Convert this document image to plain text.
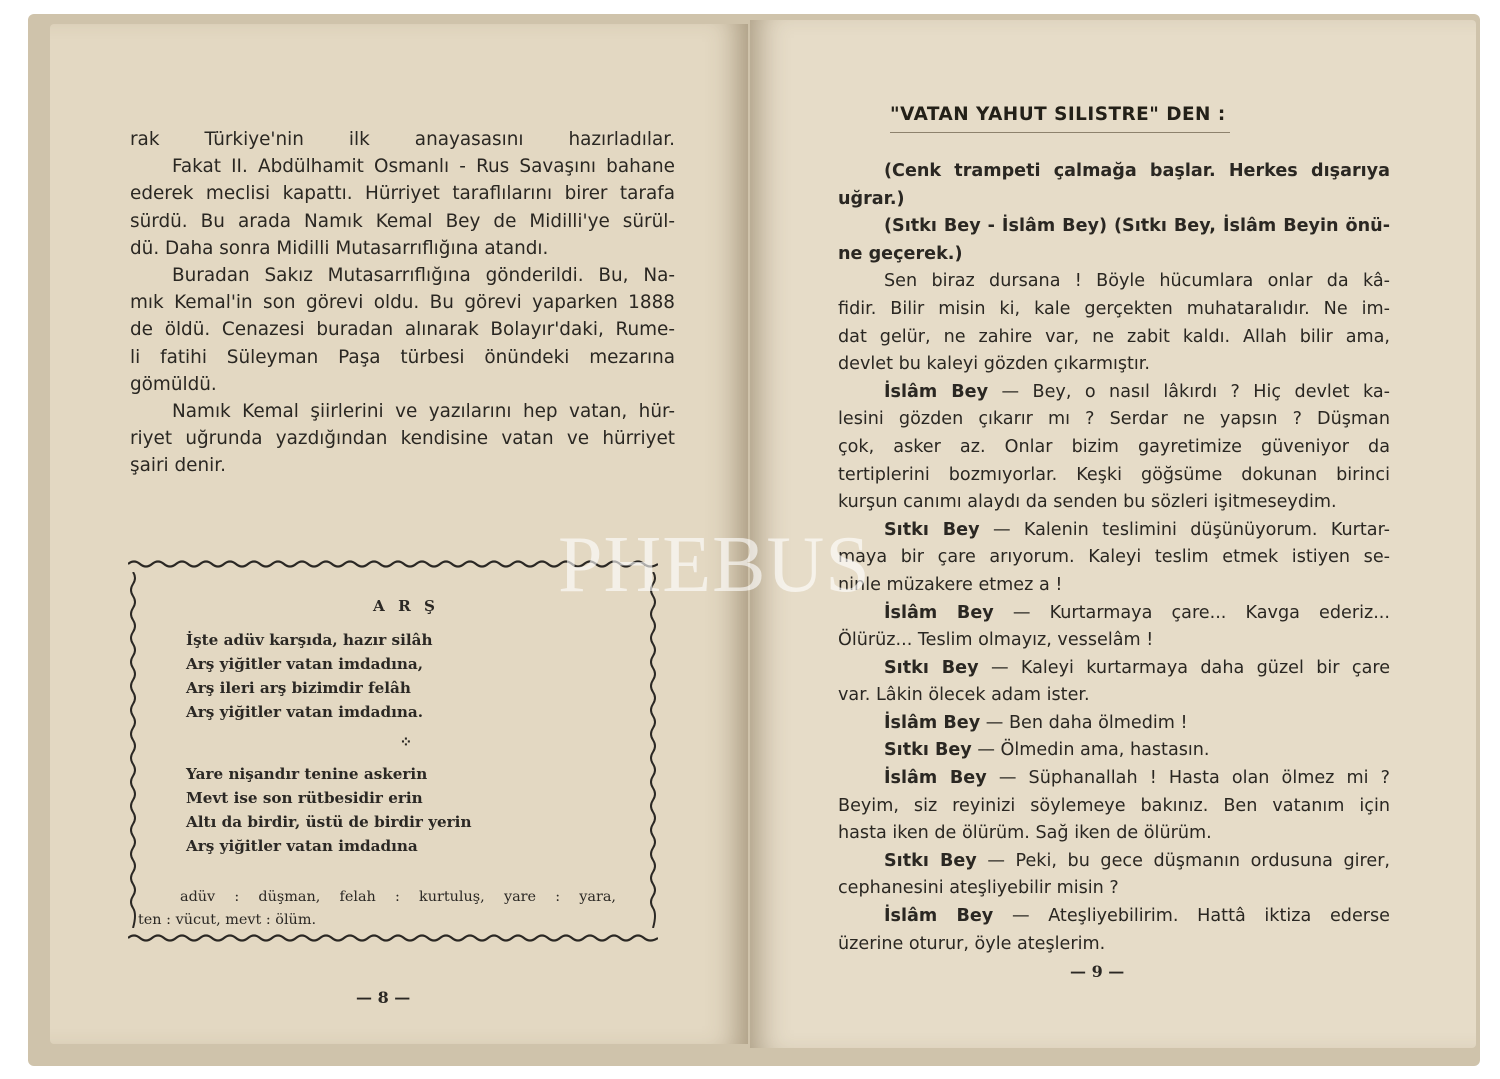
rak Türkiye'nin ilk anayasasını hazırladılar.

Fakat II. Abdülhamit Osmanlı - Rus Savaşını bahane

ederek meclisi kapattı. Hürriyet taraflılarını birer tarafa

sürdü. Bu arada Namık Kemal Bey de Midilli'ye sürül-

dü. Daha sonra Midilli Mutasarrıflığına atandı.

Buradan Sakız Mutasarrıflığına gönderildi. Bu, Na-

mık Kemal'in son görevi oldu. Bu görevi yaparken 1888

de öldü. Cenazesi buradan alınarak Bolayır'daki, Rume-

li fatihi Süleyman Paşa türbesi önündeki mezarına

gömüldü.

Namık Kemal şiirlerini ve yazılarını hep vatan, hür-

riyet uğrunda yazdığından kendisine vatan ve hürriyet

şairi denir.

A R Ş
İşte adüv karşıda, hazır silâh
Arş yiğitler vatan imdadına,
Arş ileri arş bizimdir felâh
Arş yiğitler vatan imdadına.
⁘
Yare nişandır tenine askerin
Mevt ise son rütbesidir erin
Altı da birdir, üstü de birdir yerin
Arş yiğitler vatan imdadına

adüv : düşman, felah : kurtuluş, yare : yara,

ten : vücut, mevt : ölüm.

— 8 —
"VATAN YAHUT SILISTRE" DEN :

(Cenk trampeti çalmağa başlar. Herkes dışarıya

uğrar.)

(Sıtkı Bey - İslâm Bey) (Sıtkı Bey, İslâm Beyin önü-

ne geçerek.)

Sen biraz dursana ! Böyle hücumlara onlar da kâ-

fidir. Bilir misin ki, kale gerçekten muhataralıdır. Ne im-

dat gelür, ne zahire var, ne zabit kaldı. Allah bilir ama,

devlet bu kaleyi gözden çıkarmıştır.

İslâm Bey — Bey, o nasıl lâkırdı ? Hiç devlet ka-

lesini gözden çıkarır mı ? Serdar ne yapsın ? Düşman

çok, asker az. Onlar bizim gayretimize güveniyor da

tertiplerini bozmıyorlar. Keşki göğsüme dokunan birinci

kurşun canımı alaydı da senden bu sözleri işitmeseydim.

Sıtkı Bey — Kalenin teslimini düşünüyorum. Kurtar-

maya bir çare arıyorum. Kaleyi teslim etmek istiyen se-

ninle müzakere etmez a !

İslâm Bey — Kurtarmaya çare... Kavga ederiz...

Ölürüz... Teslim olmayız, vesselâm !

Sıtkı Bey — Kaleyi kurtarmaya daha güzel bir çare

var. Lâkin ölecek adam ister.

İslâm Bey — Ben daha ölmedim !

Sıtkı Bey — Ölmedin ama, hastasın.

İslâm Bey — Süphanallah ! Hasta olan ölmez mi ?

Beyim, siz reyinizi söylemeye bakınız. Ben vatanım için

hasta iken de ölürüm. Sağ iken de ölürüm.

Sıtkı Bey — Peki, bu gece düşmanın ordusuna girer,

cephanesini ateşliyebilir misin ?

İslâm Bey — Ateşliyebilirim. Hattâ iktiza ederse

üzerine oturur, öyle ateşlerim.

— 9 —
PHEBUS
